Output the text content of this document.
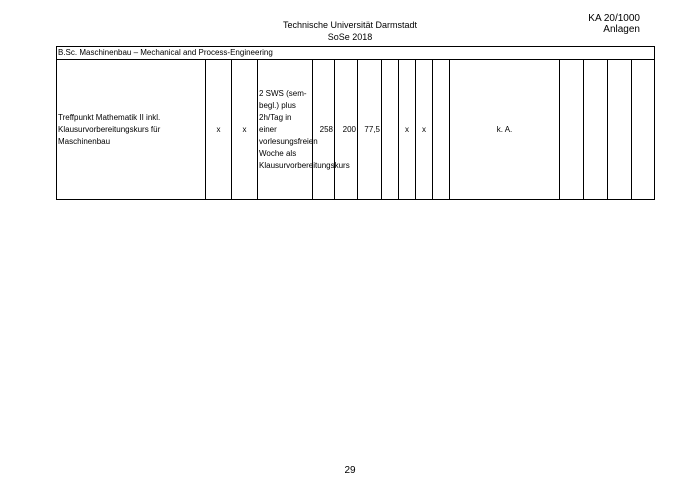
Technische Universität Darmstadt
SoSe 2018
KA 20/1000
Anlagen
B.Sc. Maschinenbau – Mechanical and Process-Engineering
Treffpunkt Mathematik II inkl. Klausurvorbereitungskurs für Maschinenbau	x	x	2 SWS (sem-begl.) plus 2h/Tag in einer vorlesungsfreien Woche als Klausurvorbereitungskurs	258	200	77,5		x	x		k. A.				
29
